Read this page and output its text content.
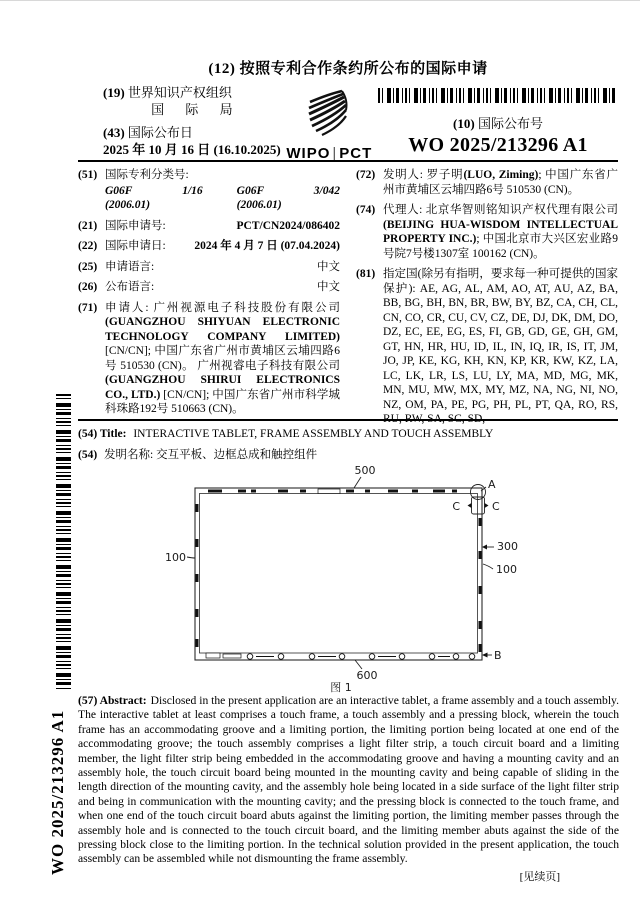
(12) 按照专利合作条约所公布的国际申请
(19) 世界知识产权组织
国 际 局
(43) 国际公布日
2025 年 10 月 16 日 (16.10.2025) WIPO | PCT
(10) 国际公布号
WO 2025/213296 A1
(51) 国际专利分类号:
G06F 1/16 (2006.01)
G06F 3/042 (2006.01)
(21) 国际申请号:	PCT/CN2024/086402
(22) 国际申请日: 2024 年 4 月 7 日 (07.04.2024)
(25) 申请语言:	中文
(26) 公布语言:	中文
(71) 申请人: 广州视源电子科技股份有限公司 (GUANGZHOU SHIYUAN ELECTRONIC TECHNOLOGY COMPANY LIMITED) [CN/CN]; 中国广东省广州市黄埔区云埔四路6号 510530 (CN)。 广州视睿电子科技有限公司 (GUANGZHOU SHIRUI ELECTRONICS CO., LTD.) [CN/CN]; 中国广东省广州市科学城科珠路192号 510663 (CN)。
(72) 发明人: 罗子明(LUO, Ziming); 中国广东省广州市黄埔区云埔四路6号 510530 (CN)。
(74) 代理人: 北京华智则铭知识产权代理有限公司(BEIJING HUA-WISDOM INTELLECTUAL PROPERTY INC.); 中国北京市大兴区宏业路9号院7号楼1307室 100162 (CN)。
(81) 指定国(除另有指明，要求每一种可提供的国家保护): AE, AG, AL, AM, AO, AT, AU, AZ, BA, BB, BG, BH, BN, BR, BW, BY, BZ, CA, CH, CL, CN, CO, CR, CU, CV, CZ, DE, DJ, DK, DM, DO, DZ, EC, EE, EG, ES, FI, GB, GD, GE, GH, GM, GT, HN, HR, HU, ID, IL, IN, IQ, IR, IS, IT, JM, JO, JP, KE, KG, KH, KN, KP, KR, KW, KZ, LA, LC, LK, LR, LS, LU, LY, MA, MD, MG, MK, MN, MU, MW, MX, MY, MZ, NA, NG, NI, NO, NZ, OM, PA, PE, PG, PH, PL, PT, QA, RO, RS, RU, RW, SA, SC, SD,
(54) Title: INTERACTIVE TABLET, FRAME ASSEMBLY AND TOUCH ASSEMBLY
(54) 发明名称: 交互平板、边框总成和触控组件
500
100
300
100
600
A
B
C	C
图 1
(57) Abstract: Disclosed in the present application are an interactive tablet, a frame assembly and a touch assembly. The interactive tablet at least comprises a touch frame, a touch assembly and a pressing block, wherein the touch frame has an accommodating groove and a limiting portion, the limiting portion being located at one end of the accommodating groove; the touch assembly comprises a light filter strip, a touch circuit board and a limiting member, the light filter strip being embedded in the accommodating groove and having a mounting cavity and an assembly hole, the touch circuit board being mounted in the mounting cavity and being capable of sliding in the length direction of the mounting cavity, and the assembly hole being located in a side surface of the light filter strip and being in communication with the mounting cavity; and the pressing block is connected to the touch frame, and when one end of the touch circuit board abuts against the limiting portion, the limiting member passes through the assembly hole and is connected to the touch circuit board, and the limiting member abuts against the side of the pressing block close to the limiting portion. In the technical solution provided in the present application, the touch assembly can be assembled while not dismounting the frame assembly.
WO 2025/213296 A1
[见续页]
